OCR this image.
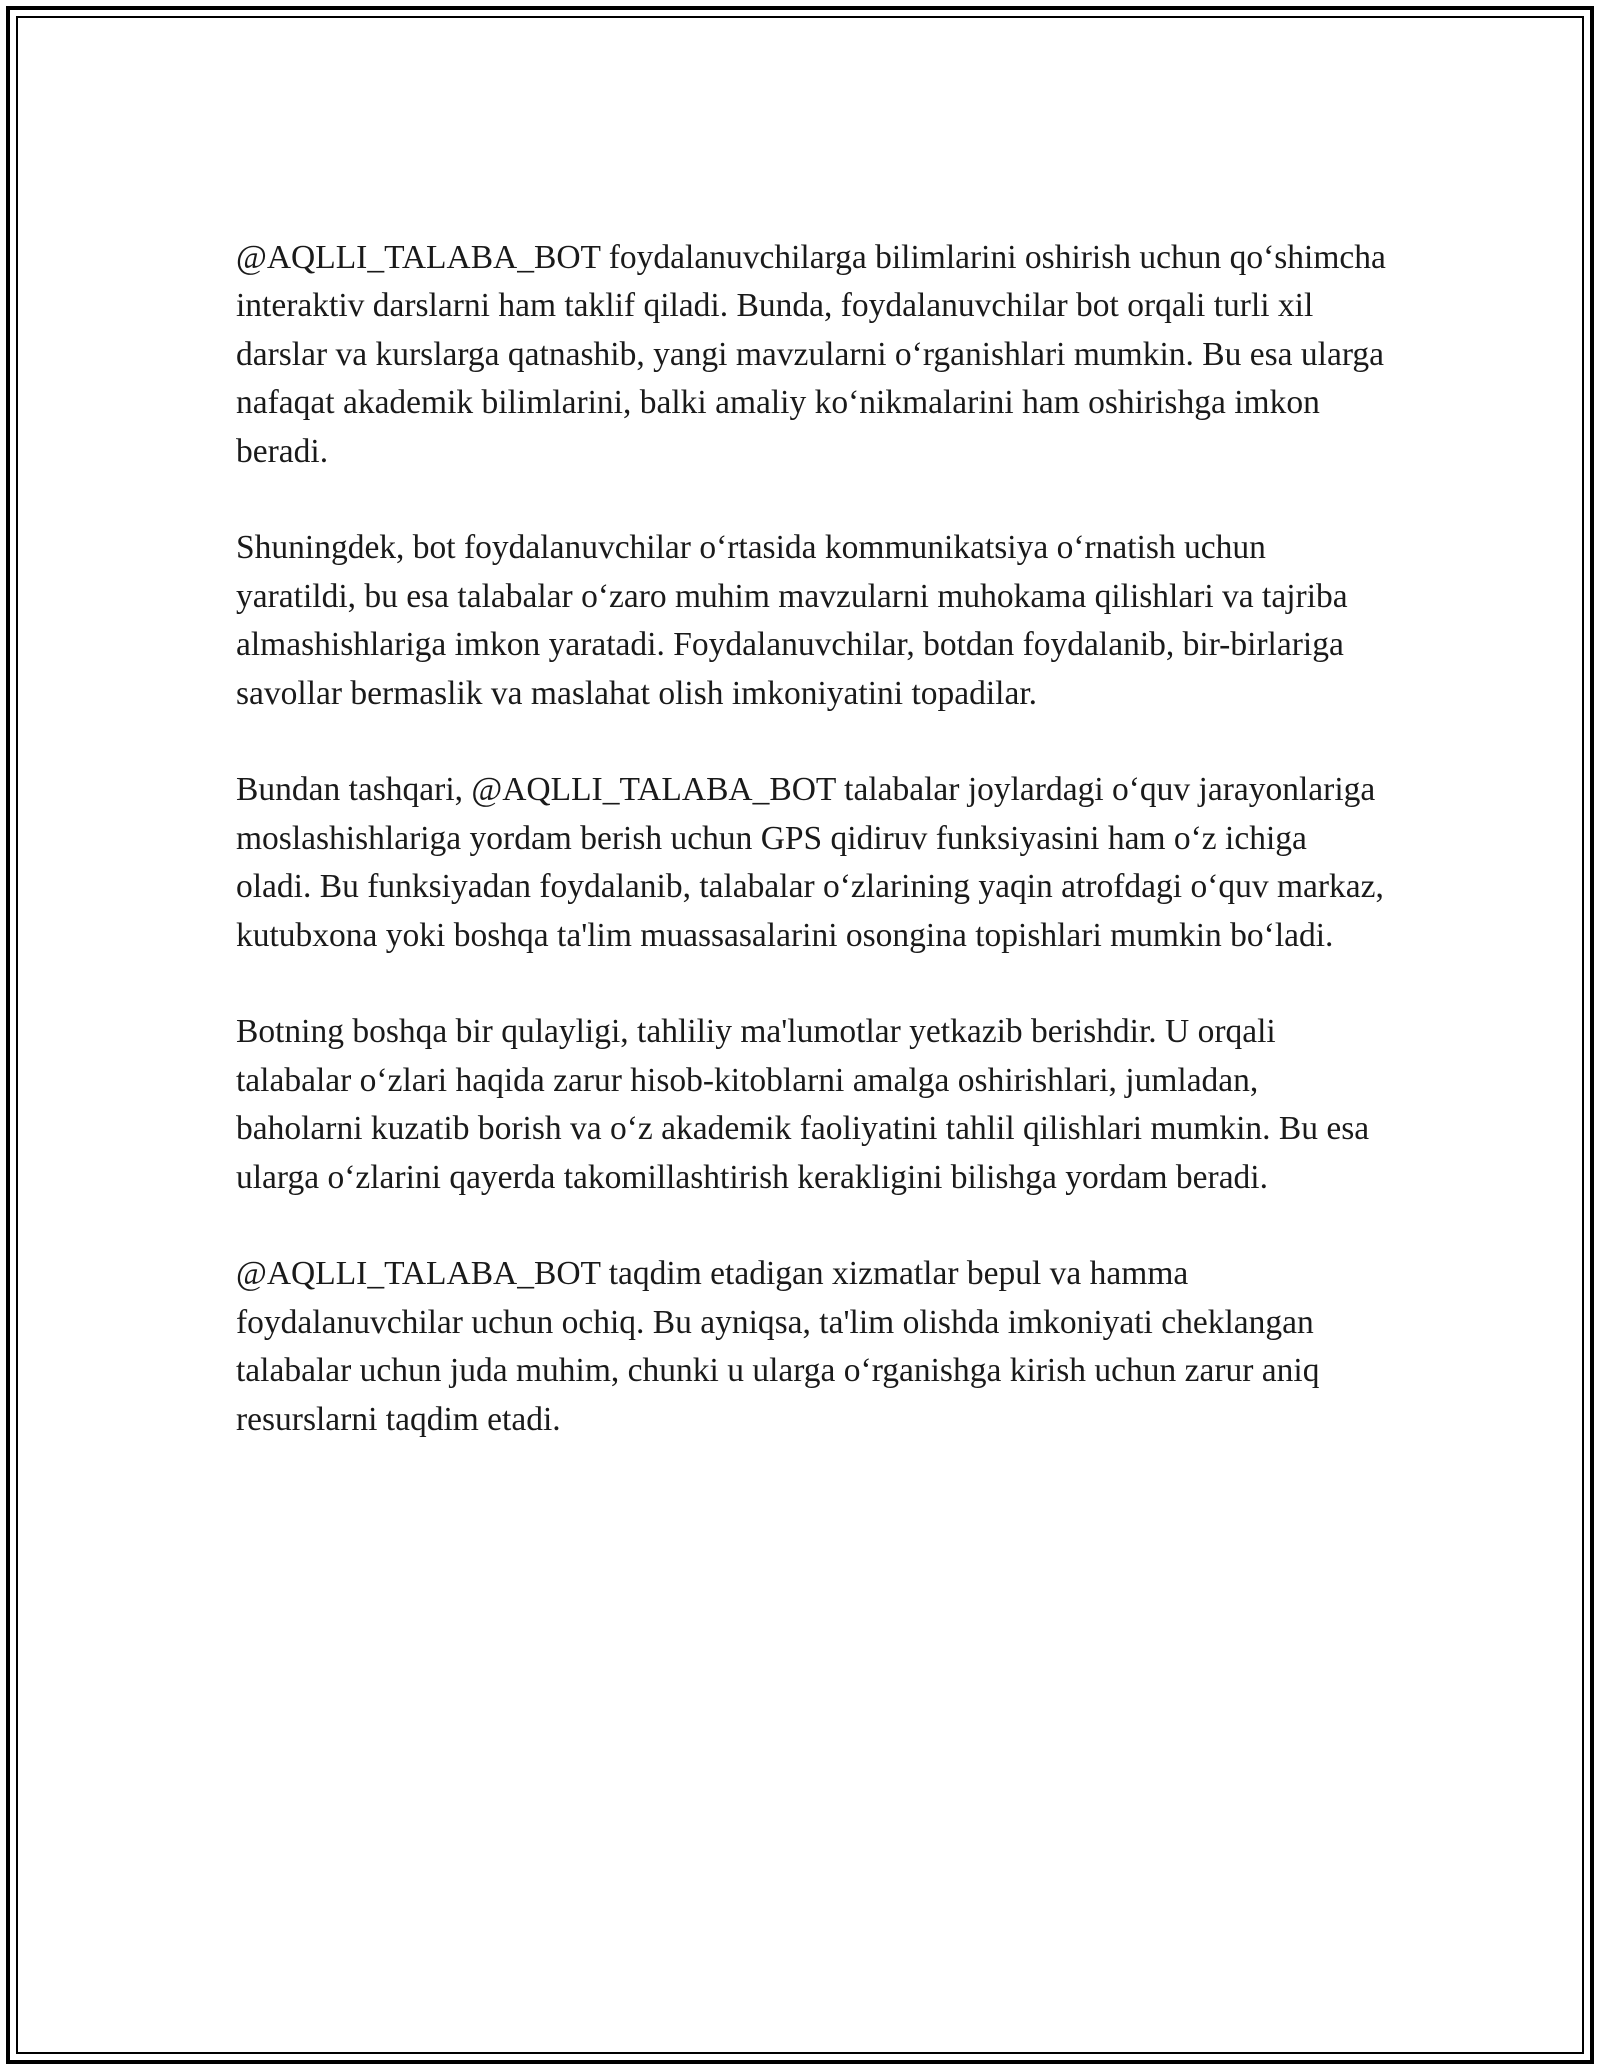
@AQLLI_TALABA_BOT foydalanuvchilarga bilimlarini oshirish uchun qo‘shimcha interaktiv darslarni ham taklif qiladi. Bunda, foydalanuvchilar bot orqali turli xil darslar va kurslarga qatnashib, yangi mavzularni o‘rganishlari mumkin. Bu esa ularga nafaqat akademik bilimlarini, balki amaliy ko‘nikmalarini ham oshirishga imkon beradi.

Shuningdek, bot foydalanuvchilar o‘rtasida kommunikatsiya o‘rnatish uchun yaratildi, bu esa talabalar o‘zaro muhim mavzularni muhokama qilishlari va tajriba almashishlariga imkon yaratadi. Foydalanuvchilar, botdan foydalanib, bir-birlariga savollar bermaslik va maslahat olish imkoniyatini topadilar.

Bundan tashqari, @AQLLI_TALABA_BOT talabalar joylardagi o‘quv jarayonlariga moslashishlariga yordam berish uchun GPS qidiruv funksiyasini ham o‘z ichiga oladi. Bu funksiyadan foydalanib, talabalar o‘zlarining yaqin atrofdagi o‘quv markaz, kutubxona yoki boshqa ta'lim muassasalarini osongina topishlari mumkin bo‘ladi.

Botning boshqa bir qulayligi, tahliliy ma'lumotlar yetkazib berishdir. U orqali talabalar o‘zlari haqida zarur hisob-kitoblarni amalga oshirishlari, jumladan, baholarni kuzatib borish va o‘z akademik faoliyatini tahlil qilishlari mumkin. Bu esa ularga o‘zlarini qayerda takomillashtirish kerakligini bilishga yordam beradi.

@AQLLI_TALABA_BOT taqdim etadigan xizmatlar bepul va hamma foydalanuvchilar uchun ochiq. Bu ayniqsa, ta'lim olishda imkoniyati cheklangan talabalar uchun juda muhim, chunki u ularga o‘rganishga kirish uchun zarur aniq resurslarni taqdim etadi.
